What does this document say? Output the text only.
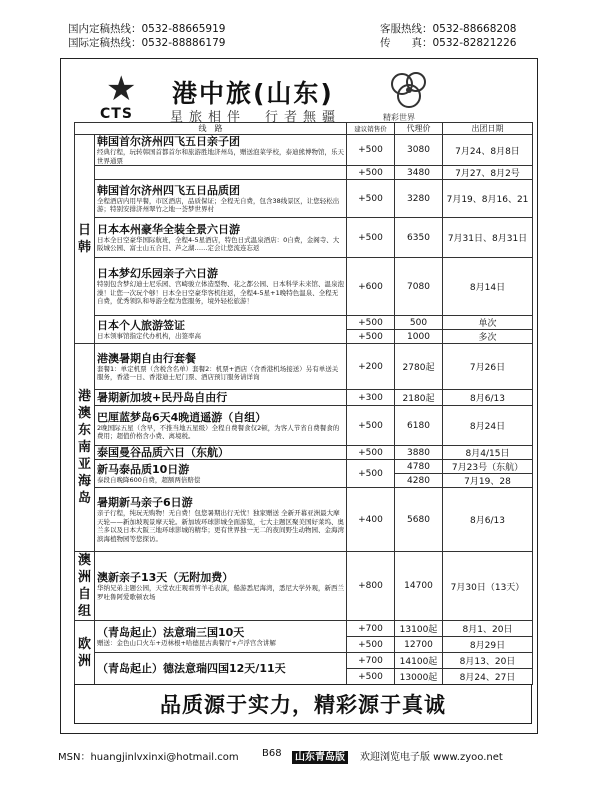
国内定稿热线：0532-88665919
国际定稿热线：0532-88886179
客服热线：0532-88668208
传　　真：0532-82821226
★
CTS
港中旅(山东)
星旅相伴　行者無疆	精彩世界
线　路		建议销售价	代理价	出团日期
日韩	韩国首尔济州四飞五日亲子团
经典行程，玩转韩国首都首尔和旅游胜地济州岛，赠送泡菜学校，泰迪熊博物馆，乐天世界通票	+500	3080	7月24、8月8日
		+500	3480	7月27、8月2号

	韩国首尔济州四飞五日品质团
全程酒店内用早餐，市区酒店，品质保证；全程无自费，包含38线景区，让您轻松出游；特别安排济州翠竹之地一荟梦世界村	+500	3280	7月19、8月16、21

	日本本州豪华全装全景六日游
日本全日空豪华国际航班，全程4-5星酒店，特色日式温泉酒店：0自费，金阁寺、大阪城公园、富士山五合目、芦之湖……定会让您流连忘返	+500	6350	7月31日、8月31日

	日本梦幻乐园亲子六日游
特别包含梦幻迪士尼乐园、宫崎骏立体造型物、花之都公园、日本科学未来馆、温泉泡澡！让您一次玩个够！日本全日空豪华客机往返，全程4-5星+1晚特色温泉、全程无自费，优秀领队和导游全程为您服务，境外轻松旅游！	+600	7080	8月14日

	日本个人旅游签证
日本领事馆指定代办机构，出签率高	+500	500	单次
		+500	1000	多次
港澳东南亚海岛	港澳暑期自由行套餐
套餐1：单定机票（含税含名单）套餐2：机票+酒店（含香港机场接送）另有单送关服务，香港一日、香港迪士尼门票、酒店预订服务请详询	+200	2780起	7月26日

	暑期新加坡+民丹岛自由行	+300	2180起	8月6/13

	巴厘蓝梦岛6天4晚逍遥游（自组）
2晚国际五星（含早，不推当地五星级）全程自费餐食仅2顿，为客人节省自费餐食的费用；超值价格含小费、离境税。	+500	6180	8月24日

	泰国曼谷品质六日（东航）	+500	3880	8月4/15日

	新马泰品质10日游
泰段自晚降600自费，超额两倍赔偿	+500	4780	7月23号（东航）
			4280	7月19、28

	暑期新马亲子6日游
亲子行程，纯玩无购物！无自费！包您暑期出行无忧！独家赠送 全新开幕亚洲最大摩天轮——新加坡观景摩天轮。新加坡环球影城全面游览，七大主题区聚美国好莱坞、奥兰多以及日本大阪三地环球影城的精华；更有世界独一无二的夜间野生动物园、金海湾滨海植物园等您探访。	+400	5680	8月6/13
澳洲自组	澳新亲子13天（无附加费）
华纳兄弟主题公园，天堂农庄观看剪羊毛表演，船游悉尼海湾，悉尼大学外观，新西兰罗吐鲁阿爱歌顿农场	+800	14700	7月30日（13天）
欧洲	（青岛起止）法意瑞三国10天
赠送：金色山口火车+迈林根+哈德昆古典餐厅+卢浮宫含讲解	+700	13100起	8月1、20日
		+500	12700	8月29日

	（青岛起止）德法意瑞四国12天/11天	+700	14100起	8月13、20日
		+500	13000起	8月24、27日
品质源于实力，精彩源于真诚
MSN：huangjinlvxinxi@hotmail.com B68	山东青岛版	欢迎浏览电子版 www.zyoo.net
